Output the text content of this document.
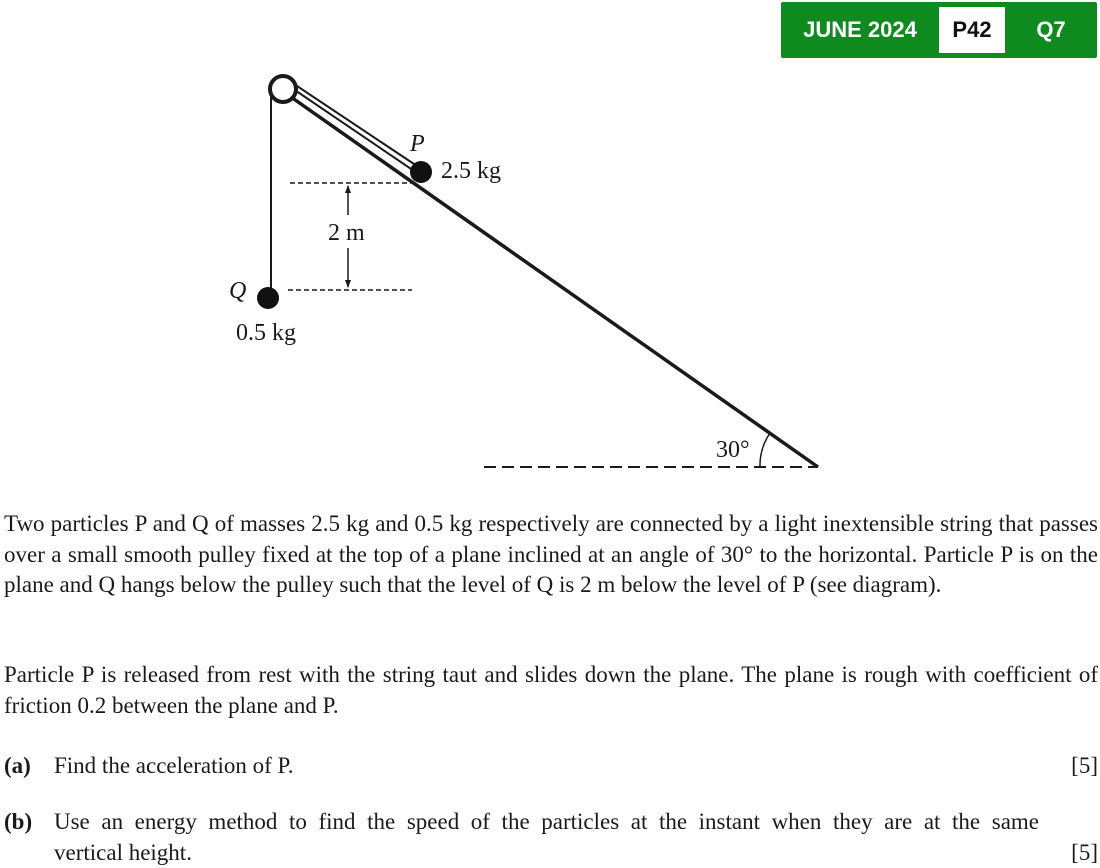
JUNE 2024	P42	Q7
P
2.5 kg
2 m
Q
0.5 kg
30°

Two particles P and Q of masses 2.5 kg and 0.5 kg respectively are connected by a light inextensible string that passes over a small smooth pulley fixed at the top of a plane inclined at an angle of 30° to the horizontal. Particle P is on the plane and Q hangs below the pulley such that the level of Q is 2 m below the level of P (see diagram).

Particle P is released from rest with the string taut and slides down the plane. The plane is rough with coefficient of friction 0.2 between the plane and P.

(a) Find the acceleration of P.	[5]
(b) Use an energy method to find the speed of the particles at the instant when they are at the same
vertical height.	[5]
